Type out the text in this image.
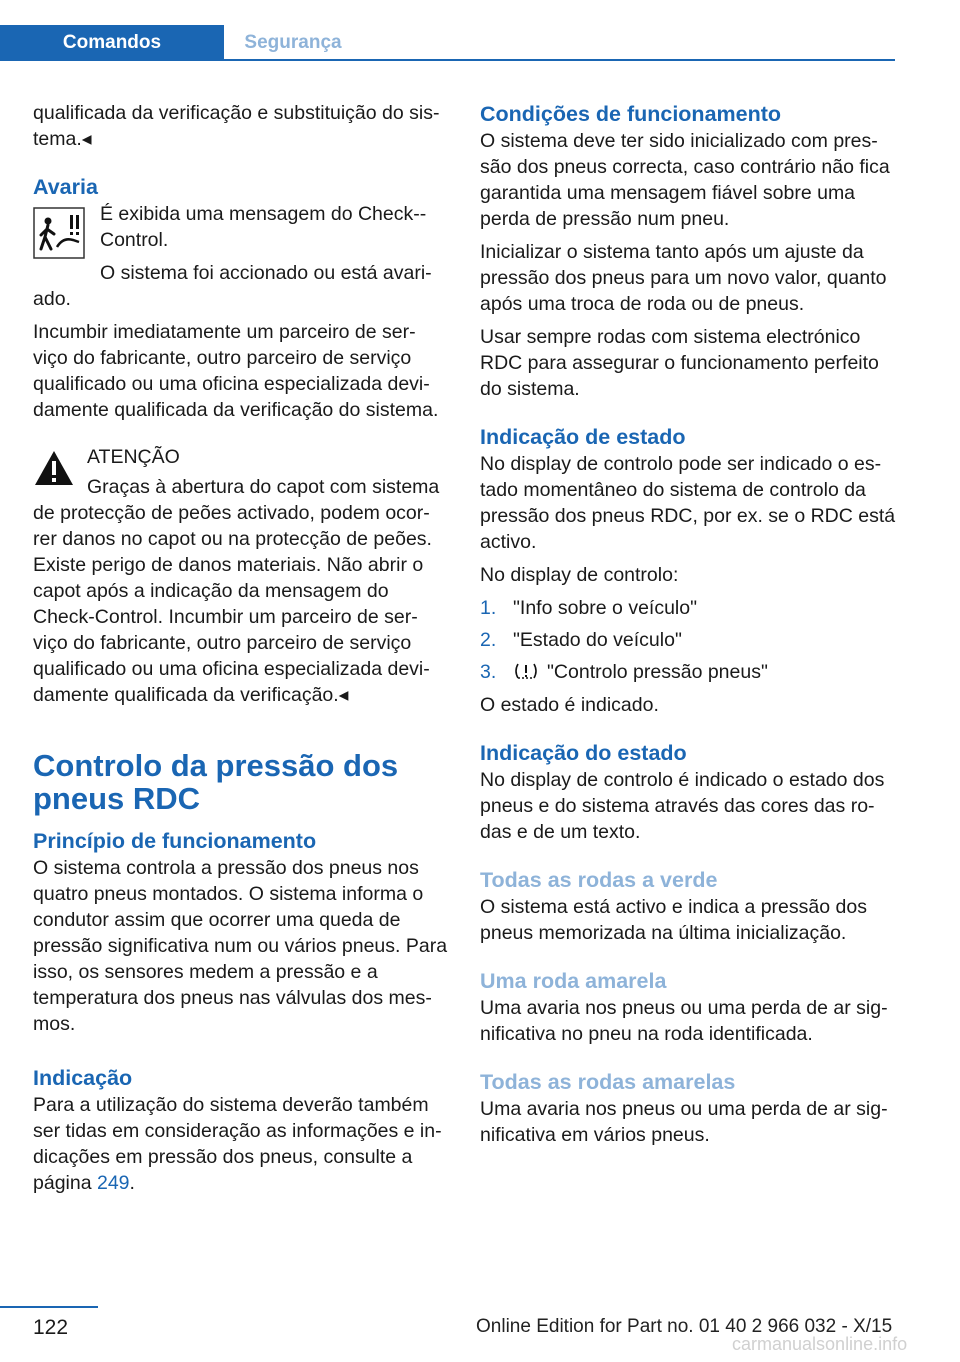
Comandos	Segurança

qualificada da verificação e substituição do sis-tema.◂

Avaria

É exibida uma mensagem do Check--Control.

O sistema foi accionado ou está avari-ado.

Incumbir imediatamente um parceiro de ser-viço do fabricante, outro parceiro de serviço qualificado ou uma oficina especializada devi-damente qualificada da verificação do sistema.

ATENÇÃO

Graças à abertura do capot com sistema de protecção de peões activado, podem ocor-rer danos no capot ou na protecção de peões. Existe perigo de danos materiais. Não abrir o capot após a indicação da mensagem do Check-Control. Incumbir um parceiro de ser-viço do fabricante, outro parceiro de serviço qualificado ou uma oficina especializada devi-damente qualificada da verificação.◂

Controlo da pressão dos pneus RDC
Princípio de funcionamento

O sistema controla a pressão dos pneus nos quatro pneus montados. O sistema informa o condutor assim que ocorrer uma queda de pressão significativa num ou vários pneus. Para isso, os sensores medem a pressão e a temperatura dos pneus nas válvulas dos mes-mos.

Indicação

Para a utilização do sistema deverão também ser tidas em consideração as informações e in-dicações em pressão dos pneus, consulte a página 249.

Condições de funcionamento

O sistema deve ter sido inicializado com pres-são dos pneus correcta, caso contrário não fica garantida uma mensagem fiável sobre uma perda de pressão num pneu.

Inicializar o sistema tanto após um ajuste da pressão dos pneus para um novo valor, quanto após uma troca de roda ou de pneus.

Usar sempre rodas com sistema electrónico RDC para assegurar o funcionamento perfeito do sistema.

Indicação de estado

No display de controlo pode ser indicado o es-tado momentâneo do sistema de controlo da pressão dos pneus RDC, por ex. se o RDC está activo.

No display de controlo:

1. "Info sobre o veículo"
2. "Estado do veículo"
3.	"Controlo pressão pneus"

O estado é indicado.

Indicação do estado

No display de controlo é indicado o estado dos pneus e do sistema através das cores das ro-das e de um texto.

Todas as rodas a verde

O sistema está activo e indica a pressão dos pneus memorizada na última inicialização.

Uma roda amarela

Uma avaria nos pneus ou uma perda de ar sig-nificativa no pneu na roda identificada.

Todas as rodas amarelas

Uma avaria nos pneus ou uma perda de ar sig-nificativa em vários pneus.

122	Online Edition for Part no. 01 40 2 966 032 - X/15
carmanualsonline.info
